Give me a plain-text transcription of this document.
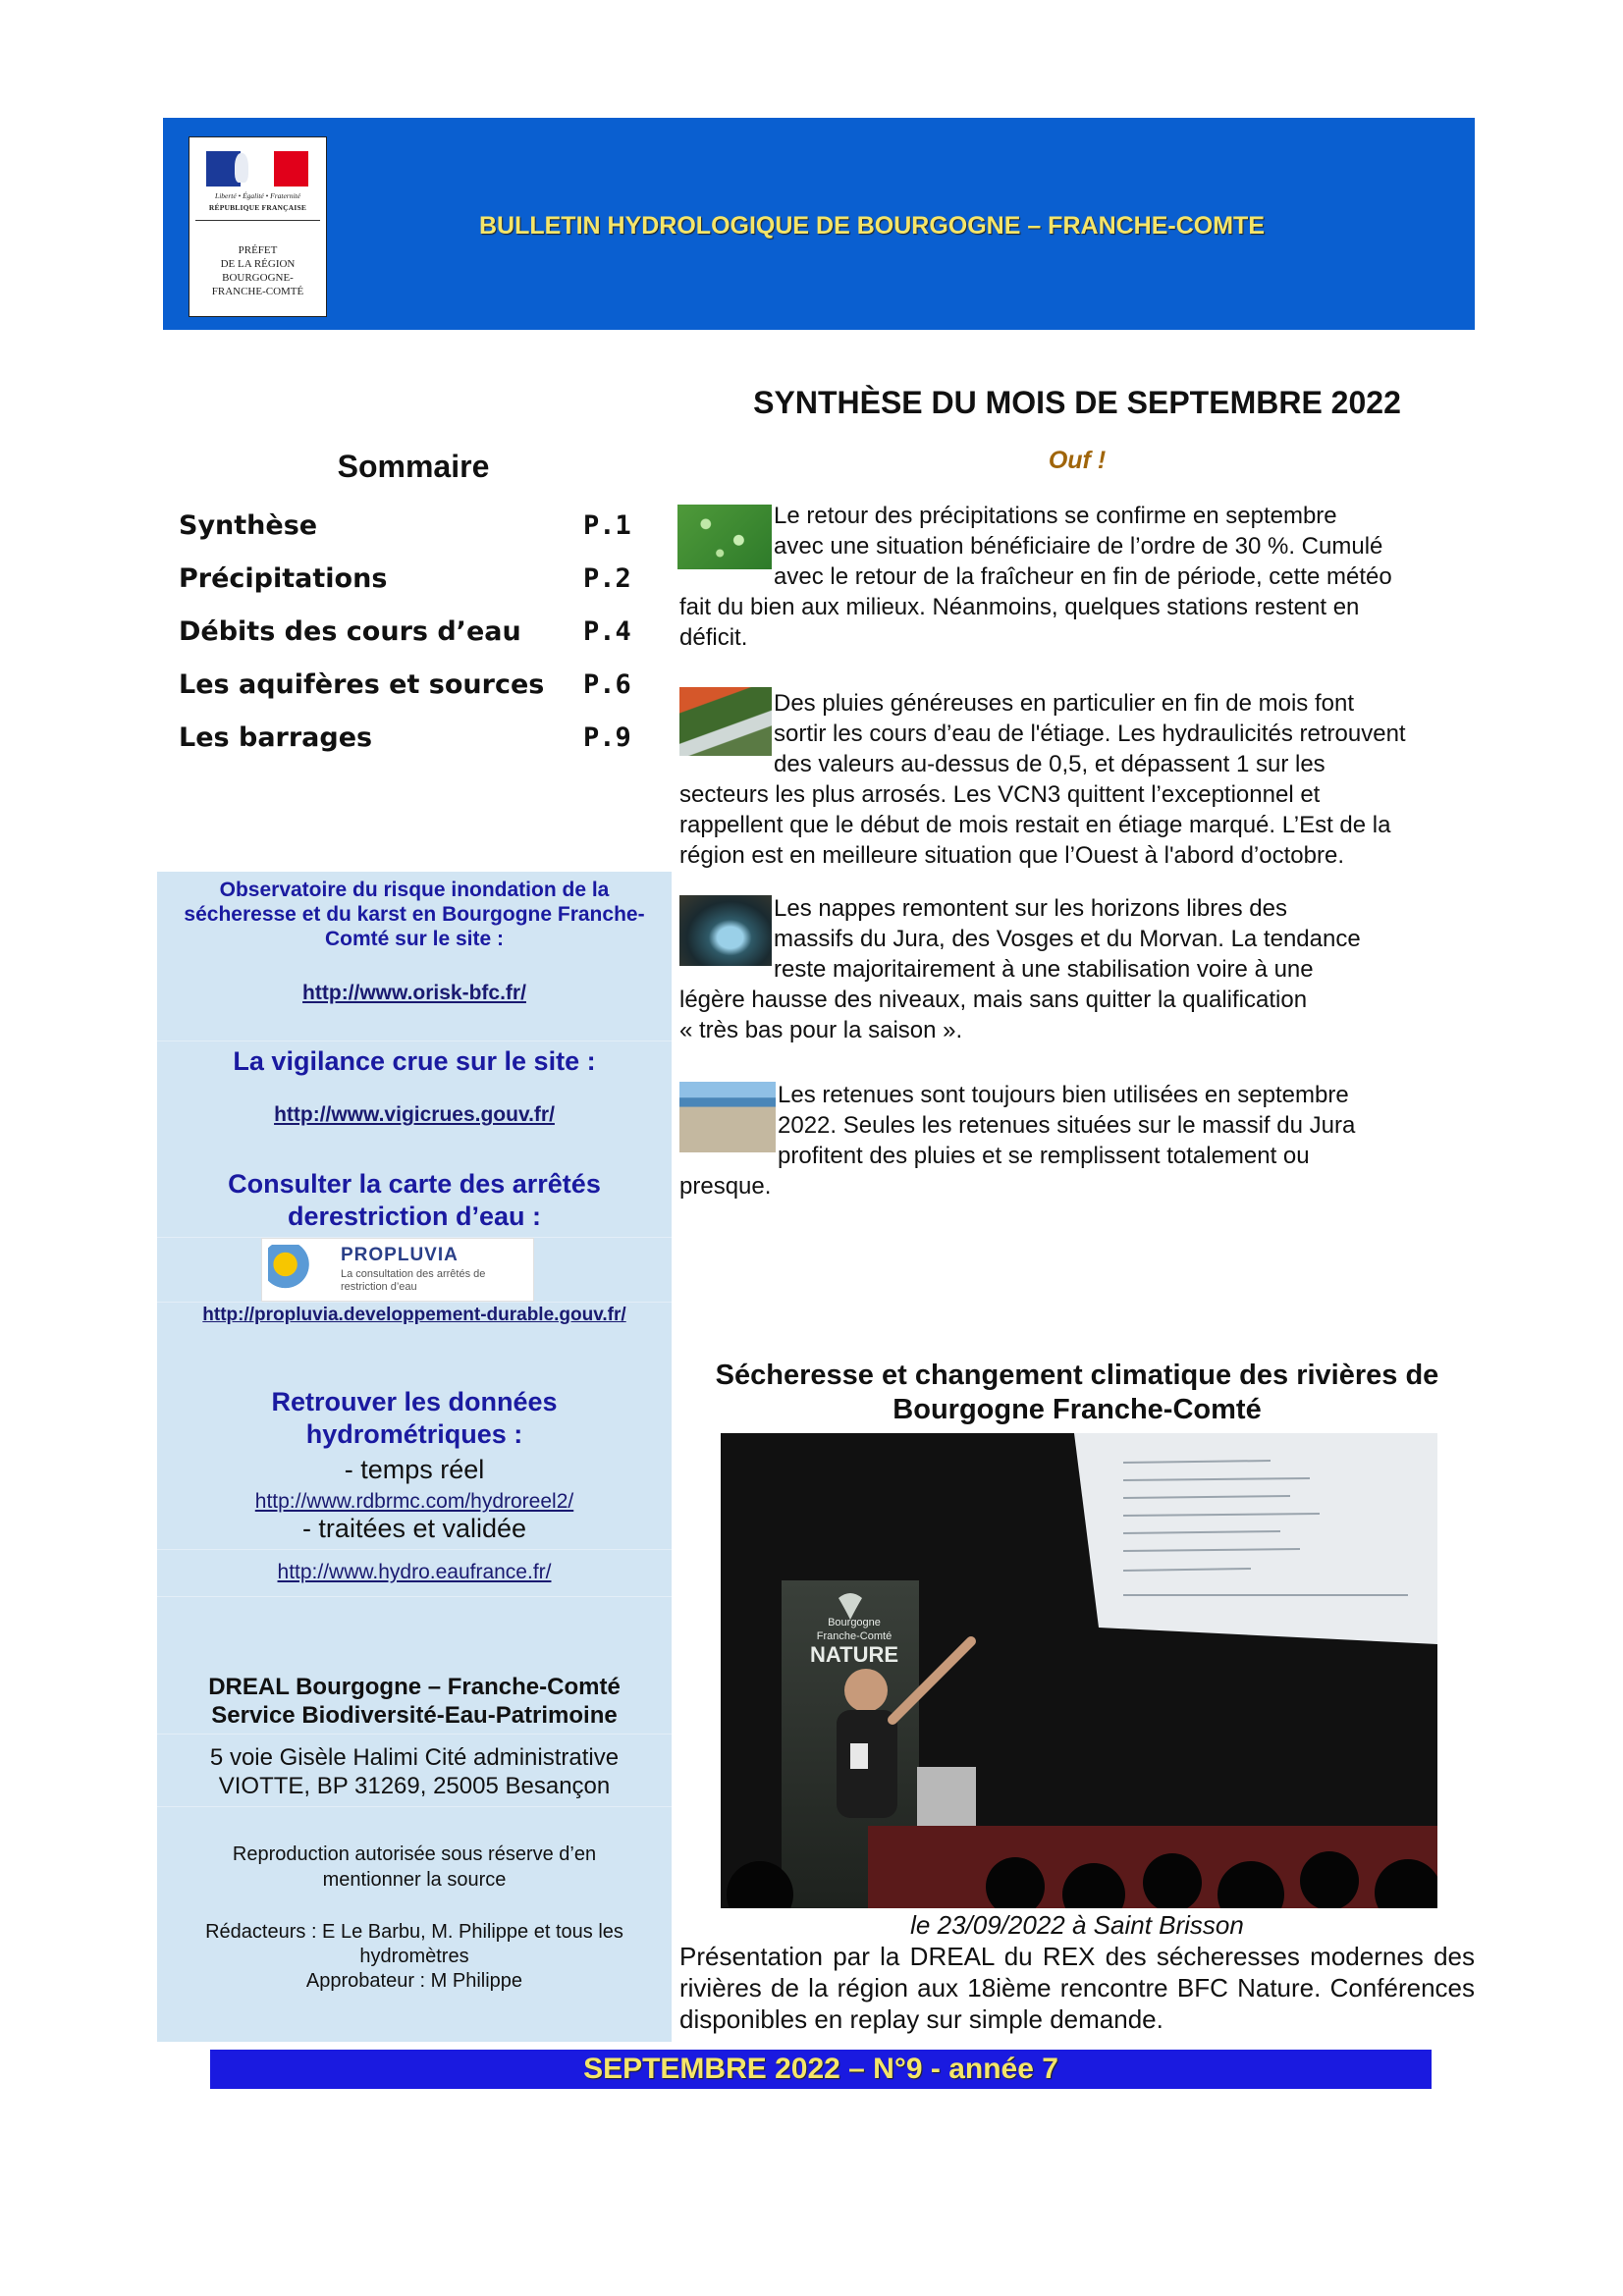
Liberté • Égalité • Fraternité
RÉPUBLIQUE FRANÇAISE
PRÉFET
DE LA RÉGION
BOURGOGNE-
FRANCHE-COMTÉ
BULLETIN HYDROLOGIQUE DE BOURGOGNE – FRANCHE-COMTE
SYNTHÈSE DU MOIS DE SEPTEMBRE 2022
Ouf !
Sommaire
Synthèse	P.1
Précipitations	P.2
Débits des cours d’eau P.4
Les aquifères et sources P.6
Les barrages	P.9
Observatoire du risque inondation de la
sécheresse et du karst en Bourgogne Franche-
Comté sur le site :
http://www.orisk-bfc.fr/
La vigilance crue sur le site :
http://www.vigicrues.gouv.fr/
Consulter la carte des arrêtés
derestriction d’eau :
PROPLUVIA
La consultation des arrêtés de restriction d’eau
http://propluvia.developpement-durable.gouv.fr/
Retrouver les données
hydrométriques :
- temps réel
http://www.rdbrmc.com/hydroreel2/
- traitées et validée
http://www.hydro.eaufrance.fr/
DREAL Bourgogne – Franche-Comté
Service Biodiversité-Eau-Patrimoine
5 voie Gisèle Halimi Cité administrative
VIOTTE, BP 31269, 25005 Besançon
Reproduction autorisée sous réserve d’en
mentionner la source
Rédacteurs : E Le Barbu, M. Philippe et tous les
hydromètres
Approbateur : M Philippe
Le retour des précipitations se confirme en septembre
avec une situation bénéficiaire de l’ordre de 30 %. Cumulé
avec le retour de la fraîcheur en fin de période, cette météo
fait du bien aux milieux. Néanmoins, quelques stations restent en
déficit.
Des pluies généreuses en particulier en fin de mois font
sortir les cours d’eau de l'étiage. Les hydraulicités retrouvent
des valeurs au-dessus de 0,5, et dépassent 1 sur les
secteurs les plus arrosés. Les VCN3 quittent l’exceptionnel et
rappellent que le début de mois restait en étiage marqué. L’Est de la
région est en meilleure situation que l’Ouest à l'abord d’octobre.
Les nappes remontent sur les horizons libres des
massifs du Jura, des Vosges et du Morvan. La tendance
reste majoritairement à une stabilisation voire à une
légère hausse des niveaux, mais sans quitter la qualification
« très bas pour la saison ».
Les retenues sont toujours bien utilisées en septembre
2022. Seules les retenues situées sur le massif du Jura
profitent des pluies et se remplissent totalement ou
presque.
Sécheresse et changement climatique des rivières de
Bourgogne Franche-Comté
Bourgogne
Franche-Comté
NATURE
le 23/09/2022 à Saint Brisson
Présentation par la DREAL du REX des sécheresses modernes des rivières de la région aux 18ième rencontre BFC Nature. Conférences disponibles en replay sur simple demande.
SEPTEMBRE 2022 – N°9 - année 7
